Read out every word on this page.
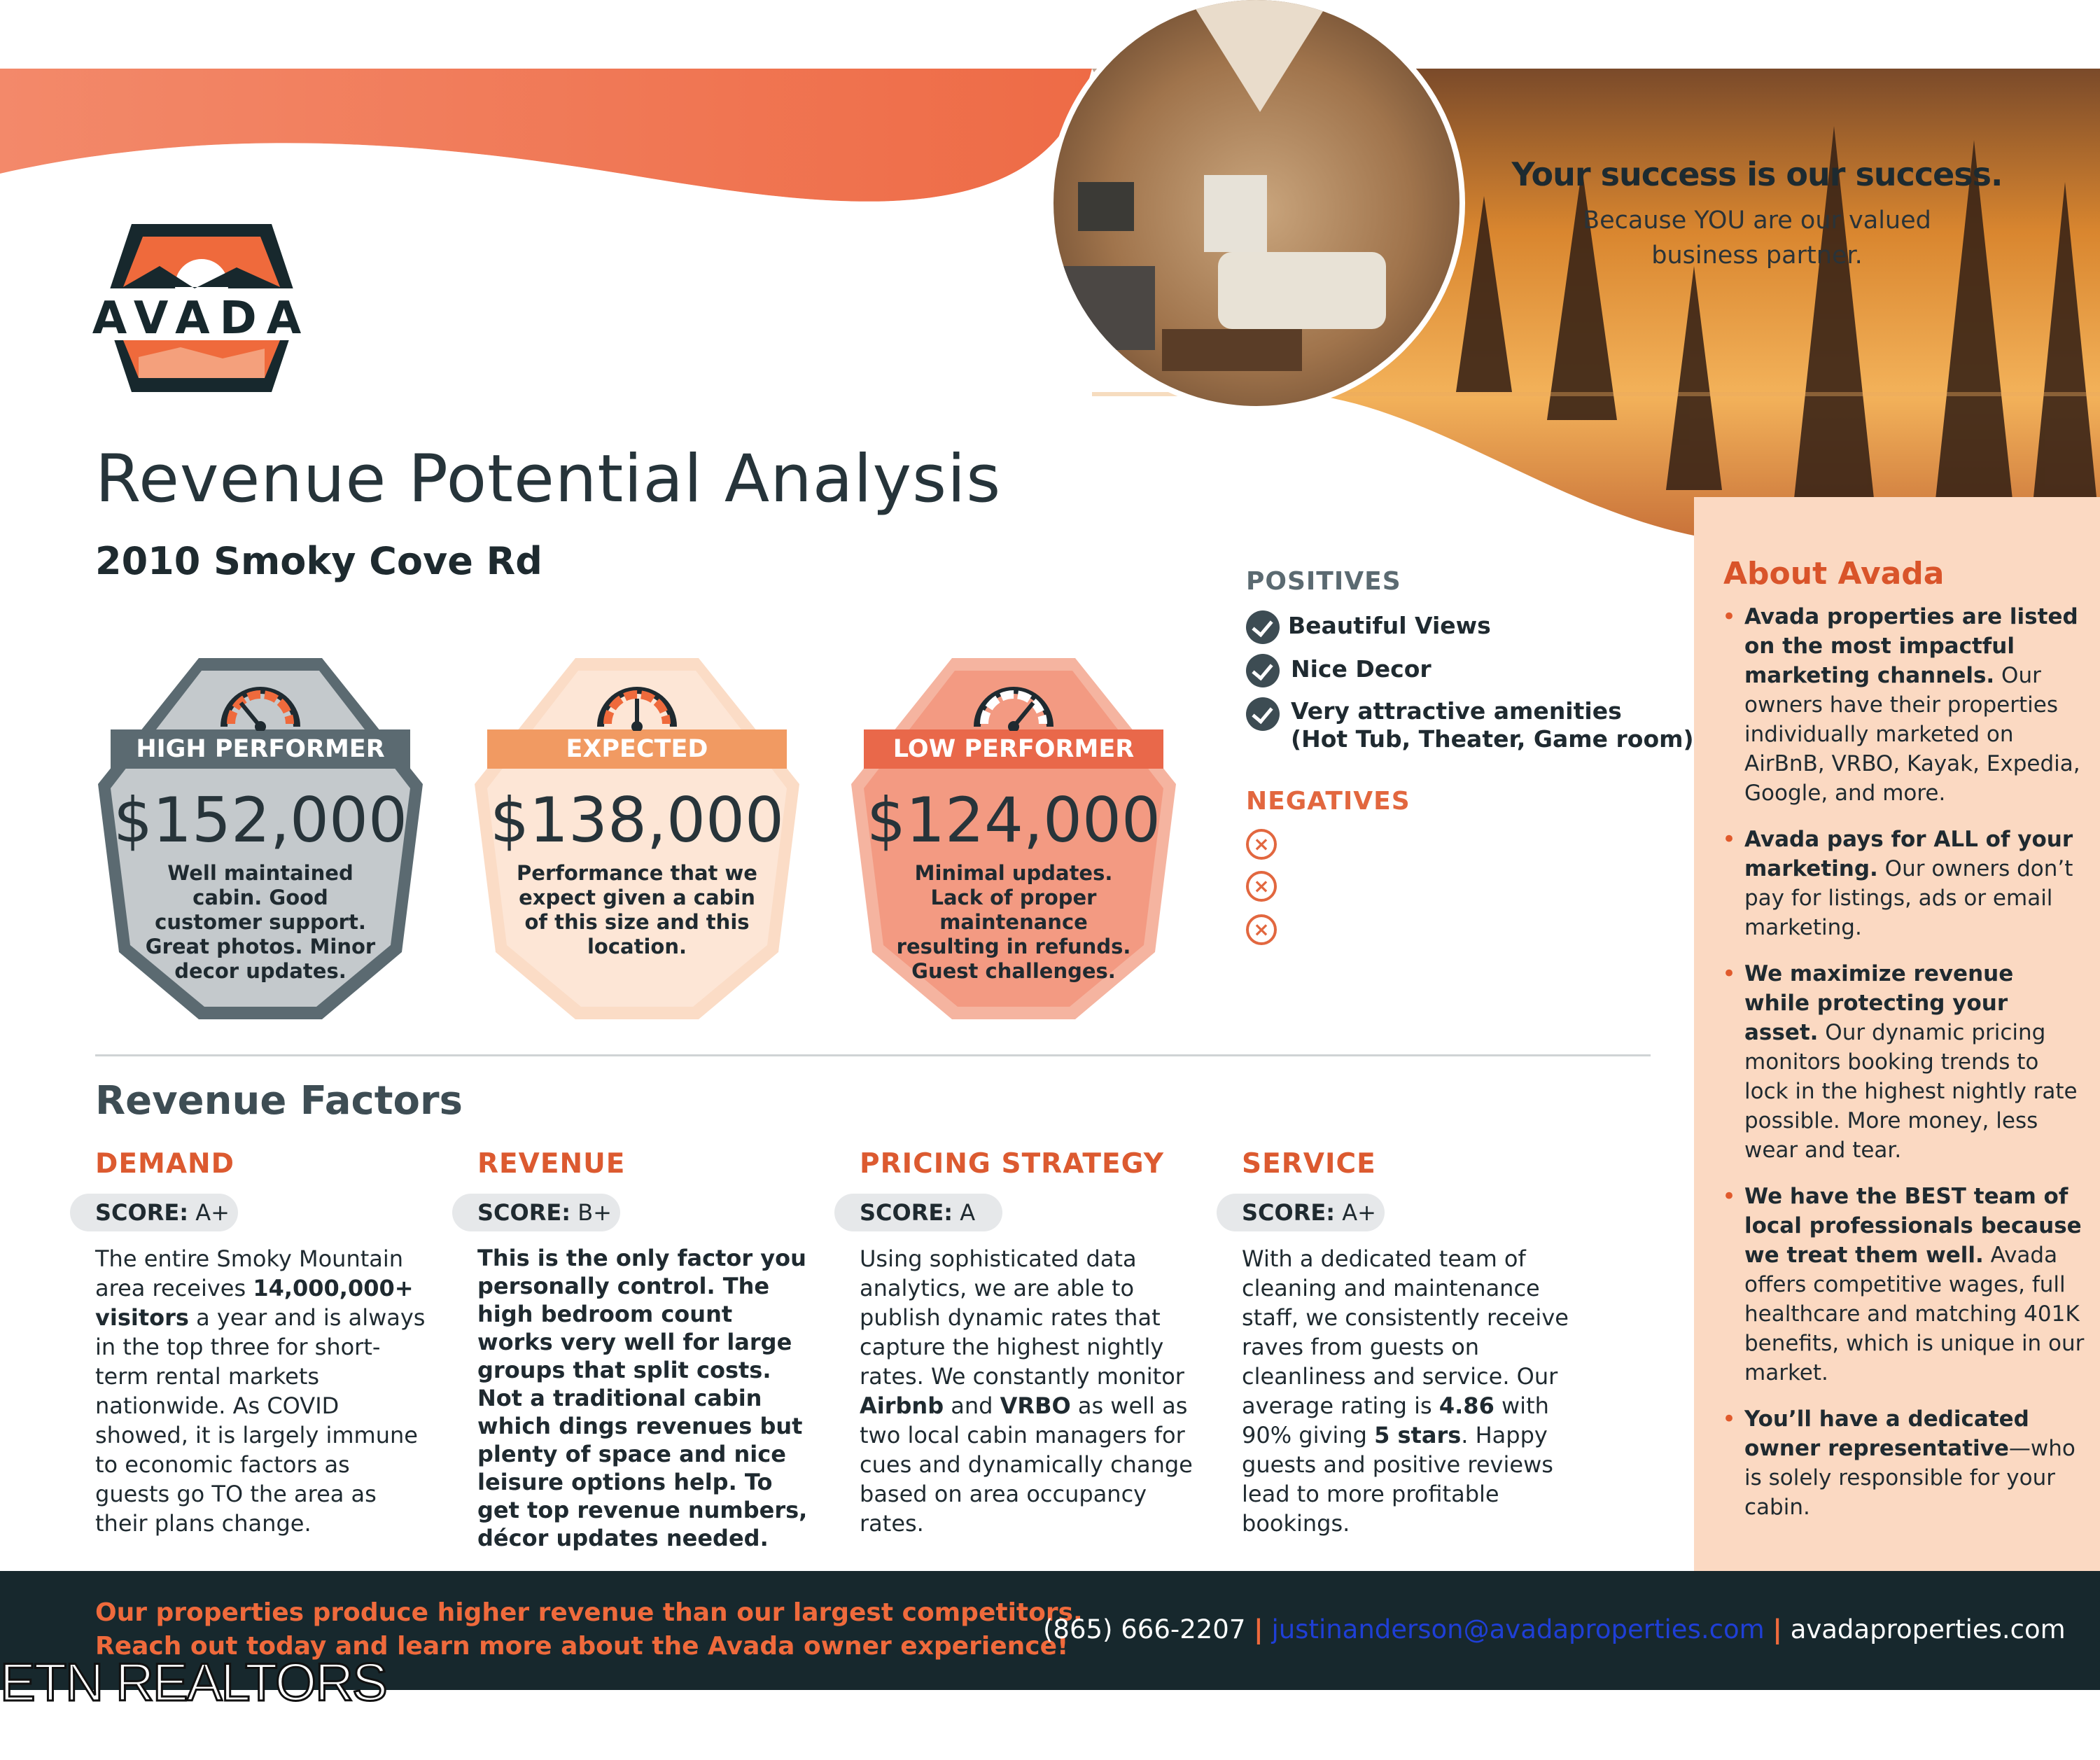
AVADA
Your success is our success.
Because YOU are our valued business partner.
Revenue Potential Analysis
2010 Smoky Cove Rd
HIGH PERFORMER
$152,000
Well maintained cabin. Good customer support. Great photos. Minor decor updates.
EXPECTED
$138,000
Performance that we expect given a cabin of this size and this location.
LOW PERFORMER
$124,000
Minimal updates. Lack of proper maintenance resulting in refunds. Guest challenges.
POSITIVES
Beautiful Views
Nice Decor
Very attractive amenities
(Hot Tub, Theater, Game room)
NEGATIVES
×
×
×
Revenue Factors
DEMAND
SCORE: A+
The entire Smoky Mountain area receives 14,000,000+ visitors a year and is always in the top three for short-term rental markets nationwide. As COVID showed, it is largely immune to economic factors as guests go TO the area as their plans change.
REVENUE
SCORE: B+
This is the only factor you personally control. The high bedroom count works very well for large groups that split costs. Not a traditional cabin which dings revenues but plenty of space and nice leisure options help. To get top revenue numbers, décor updates needed.
PRICING STRATEGY
SCORE: A
Using sophisticated data analytics, we are able to publish dynamic rates that capture the highest nightly rates. We constantly monitor Airbnb and VRBO as well as two local cabin managers for cues and dynamically change based on area occupancy rates.
SERVICE
SCORE: A+
With a dedicated team of cleaning and maintenance staff, we consistently receive raves from guests on cleanliness and service. Our average rating is 4.86 with 90% giving 5 stars. Happy guests and positive reviews lead to more profitable bookings.
About Avada
• Avada properties are listed on the most impactful marketing channels. Our owners have their properties individually marketed on AirBnB, VRBO, Kayak, Expedia, Google, and more.
• Avada pays for ALL of your marketing. Our owners don’t pay for listings, ads or email marketing.
• We maximize revenue while protecting your asset. Our dynamic pricing monitors booking trends to lock in the highest nightly rate possible. More money, less wear and tear.
• We have the BEST team of local professionals because we treat them well. Avada offers competitive wages, full healthcare and matching 401K benefits, which is unique in our market.
• You’ll have a dedicated owner representative—who is solely responsible for your cabin.
Our properties produce higher revenue than our largest competitors.
Reach out today and learn more about the Avada owner experience!
(865) 666-2207 | justinanderson@avadaproperties.com | avadaproperties.com
ETN REALTORS
